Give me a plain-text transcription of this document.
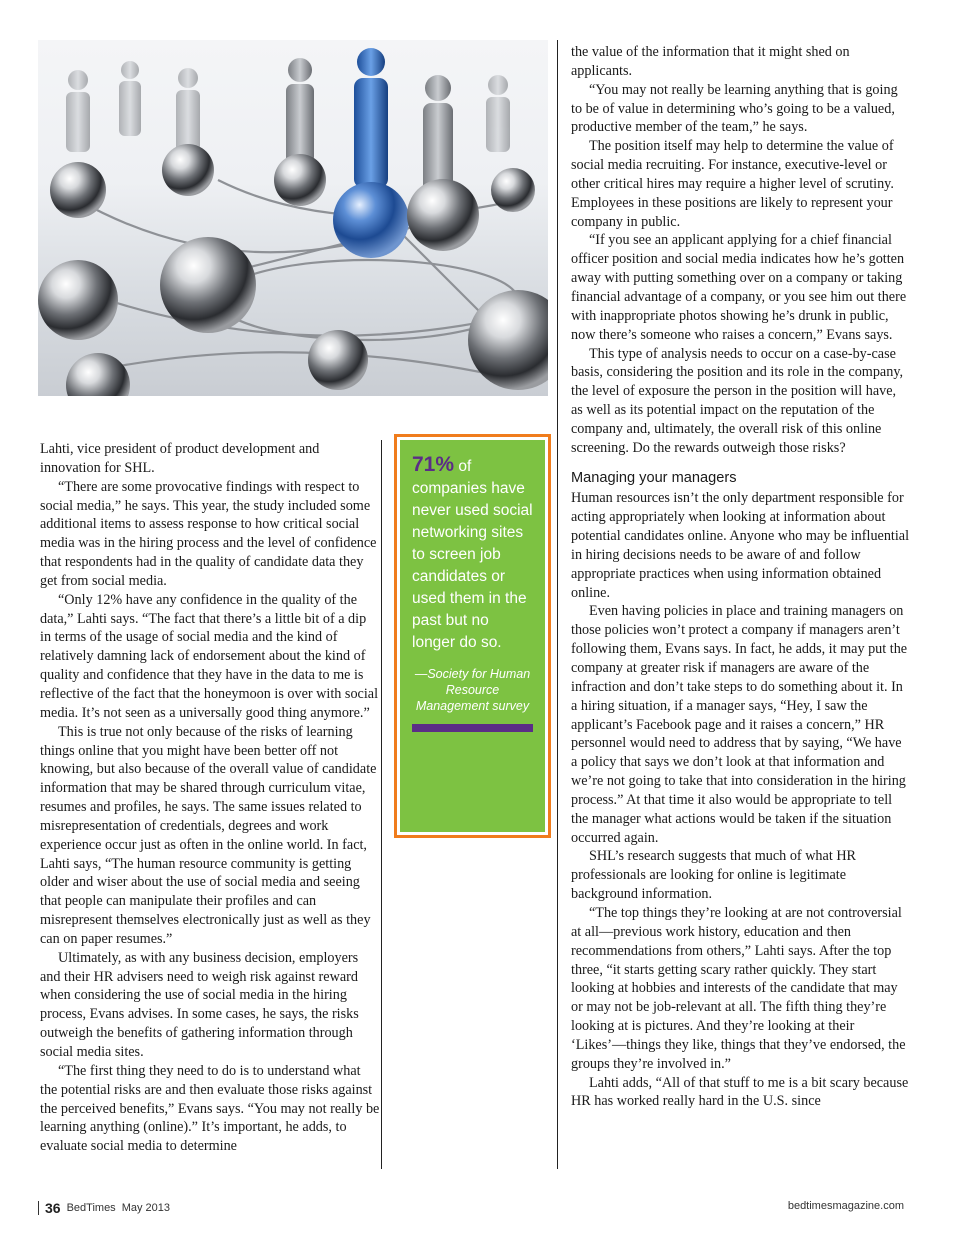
Lahti, vice president of product development and innovation for SHL.

“There are some provocative findings with respect to social media,” he says. This year, the study included some additional items to assess response to how critical social media was in the hiring process and the level of confidence that respondents had in the quality of candidate data they get from social media.

“Only 12% have any confidence in the quality of the data,” Lahti says. “The fact that there’s a little bit of a dip in terms of the usage of social media and the kind of relatively damning lack of endorsement about the kind of quality and confidence that they have in the data to me is reflective of the fact that the honeymoon is over with social media. It’s not seen as a universally good thing anymore.”

This is true not only because of the risks of learning things online that you might have been better off not knowing, but also because of the overall value of candidate information that may be shared through curriculum vitae, resumes and profiles, he says. The same issues related to misrepresentation of credentials, degrees and work experience occur just as often in the online world. In fact, Lahti says, “The human resource community is getting older and wiser about the use of social media and seeing that people can manipulate their profiles and can misrepresent themselves electronically just as well as they can on paper resumes.”

Ultimately, as with any business decision, employers and their HR advisers need to weigh risk against reward when considering the use of social media in the hiring process, Evans advises. In some cases, he says, the risks outweigh the benefits of gathering information through social media sites.

“The first thing they need to do is to understand what the potential risks are and then evaluate those risks against the perceived benefits,” Evans says. “You may not really be learning anything (online).” It’s important, he adds, to evaluate social media to determine

71% of companies have never used social networking sites to screen job candidates or used them in the past but no longer do so.
—Society for Human Resource Management survey

the value of the information that it might shed on applicants.

“You may not really be learning anything that is going to be of value in determining who’s going to be a valued, productive member of the team,” he says.

The position itself may help to determine the value of social media recruiting. For instance, executive-level or other critical hires may require a higher level of scrutiny. Employees in these positions are likely to represent your company in public.

“If you see an applicant applying for a chief financial officer position and social media indicates how he’s gotten away with putting something over on a company or taking financial advantage of a company, or you see him out there with inappropriate photos showing he’s drunk in public, now there’s someone who raises a concern,” Evans says.

This type of analysis needs to occur on a case-by-case basis, considering the position and its role in the company, the level of exposure the person in the position will have, as well as its potential impact on the reputation of the company and, ultimately, the overall risk of this online screening. Do the rewards outweigh those risks?

Managing your managers

Human resources isn’t the only department responsible for acting appropriately when looking at information about potential candidates online. Anyone who may be influential in hiring decisions needs to be aware of and follow appropriate practices when using information obtained online.

Even having policies in place and training managers on those policies won’t protect a company if managers aren’t following them, Evans says. In fact, he adds, it may put the company at greater risk if managers are aware of the infraction and don’t take steps to do something about it. In a hiring situation, if a manager says, “Hey, I saw the applicant’s Facebook page and it raises a concern,” HR personnel would need to address that by saying, “We have a policy that says we don’t look at that information and we’re not going to take that into consideration in the hiring process.” At that time it also would be appropriate to tell the manager what actions would be taken if the situation occurred again.

SHL’s research suggests that much of what HR professionals are looking for online is legitimate background information.

“The top things they’re looking at are not controversial at all—previous work history, education and then recommendations from others,” Lahti says. After the top three, “it starts getting scary rather quickly. They start looking at hobbies and interests of the candidate that may or may not be job-relevant at all. The fifth thing they’re looking at is pictures. And they’re looking at their ‘Likes’—things they like, things that they’ve endorsed, the groups they’re involved in.”

Lahti adds, “All of that stuff to me is a bit scary because HR has worked really hard in the U.S. since

36 BedTimes May 2013	bedtimesmagazine.com
